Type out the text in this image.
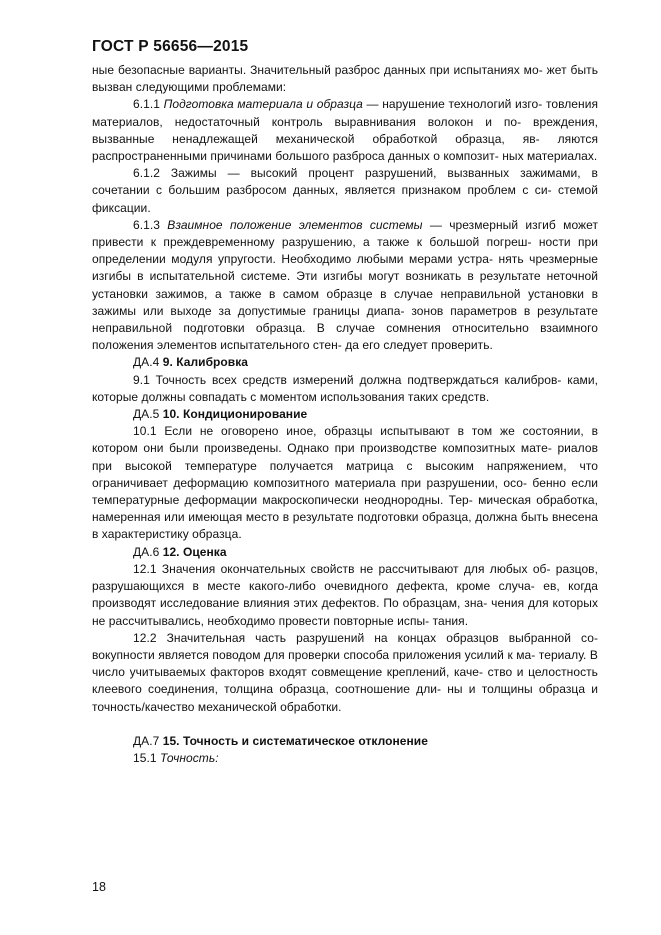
ГОСТ Р 56656—2015

ные безопасные варианты. Значительный разброс данных при испытаниях мо- жет быть вызван следующими проблемами:

6.1.1 Подготовка материала и образца — нарушение технологий изго- товления материалов, недостаточный контроль выравнивания волокон и по- вреждения, вызванные ненадлежащей механической обработкой образца, яв- ляются распространенными причинами большого разброса данных о композит- ных материалах.

6.1.2 Зажимы — высокий процент разрушений, вызванных зажимами, в сочетании с большим разбросом данных, является признаком проблем с си- стемой фиксации.

6.1.3 Взаимное положение элементов системы — чрезмерный изгиб может привести к преждевременному разрушению, а также к большой погреш- ности при определении модуля упругости. Необходимо любыми мерами устра- нять чрезмерные изгибы в испытательной системе. Эти изгибы могут возникать в результате неточной установки зажимов, а также в самом образце в случае неправильной установки в зажимы или выходе за допустимые границы диапа- зонов параметров в результате неправильной подготовки образца. В случае сомнения относительно взаимного положения элементов испытательного стен- да его следует проверить.

ДА.4 9. Калибровка

9.1 Точность всех средств измерений должна подтверждаться калибров- ками, которые должны совпадать с моментом использования таких средств.

ДА.5 10. Кондиционирование

10.1 Если не оговорено иное, образцы испытывают в том же состоянии, в котором они были произведены. Однако при производстве композитных мате- риалов при высокой температуре получается матрица с высоким напряжением, что ограничивает деформацию композитного материала при разрушении, осо- бенно если температурные деформации макроскопически неоднородны. Тер- мическая обработка, намеренная или имеющая место в результате подготовки образца, должна быть внесена в характеристику образца.

ДА.6 12. Оценка

12.1 Значения окончательных свойств не рассчитывают для любых об- разцов, разрушающихся в месте какого-либо очевидного дефекта, кроме случа- ев, когда производят исследование влияния этих дефектов. По образцам, зна- чения для которых не рассчитывались, необходимо провести повторные испы- тания.

12.2 Значительная часть разрушений на концах образцов выбранной со- вокупности является поводом для проверки способа приложения усилий к ма- териалу. В число учитываемых факторов входят совмещение креплений, каче- ство и целостность клеевого соединения, толщина образца, соотношение дли- ны и толщины образца и точность/качество механической обработки.

ДА.7 15. Точность и систематическое отклонение

15.1 Точность:

18
